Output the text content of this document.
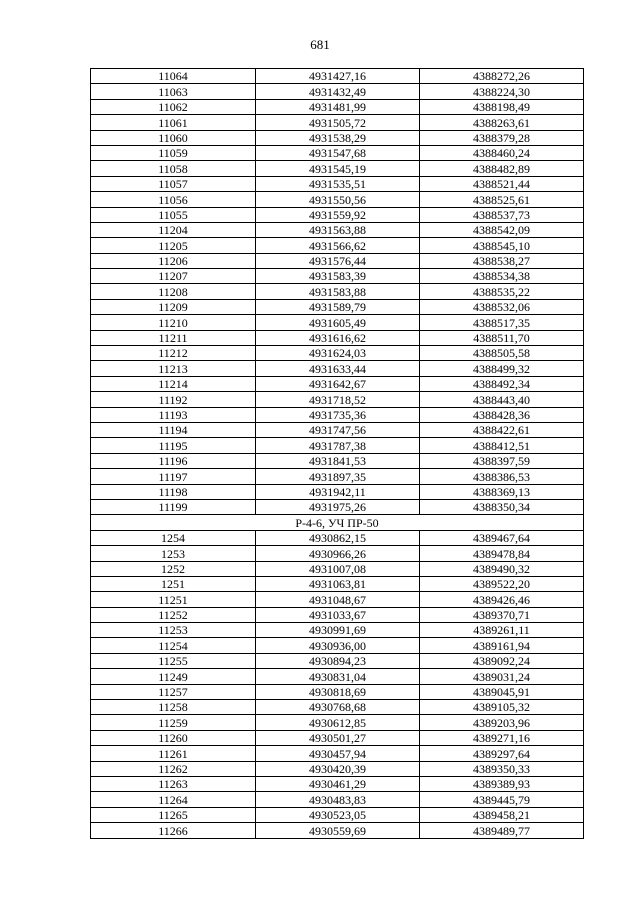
681
11064	4931427,16	4388272,26
11063	4931432,49	4388224,30
11062	4931481,99	4388198,49
11061	4931505,72	4388263,61
11060	4931538,29	4388379,28
11059	4931547,68	4388460,24
11058	4931545,19	4388482,89
11057	4931535,51	4388521,44
11056	4931550,56	4388525,61
11055	4931559,92	4388537,73
11204	4931563,88	4388542,09
11205	4931566,62	4388545,10
11206	4931576,44	4388538,27
11207	4931583,39	4388534,38
11208	4931583,88	4388535,22
11209	4931589,79	4388532,06
11210	4931605,49	4388517,35
11211	4931616,62	4388511,70
11212	4931624,03	4388505,58
11213	4931633,44	4388499,32
11214	4931642,67	4388492,34
11192	4931718,52	4388443,40
11193	4931735,36	4388428,36
11194	4931747,56	4388422,61
11195	4931787,38	4388412,51
11196	4931841,53	4388397,59
11197	4931897,35	4388386,53
11198	4931942,11	4388369,13
11199	4931975,26	4388350,34
Р-4-6, УЧ ПР-50		
1254	4930862,15	4389467,64
1253	4930966,26	4389478,84
1252	4931007,08	4389490,32
1251	4931063,81	4389522,20
11251	4931048,67	4389426,46
11252	4931033,67	4389370,71
11253	4930991,69	4389261,11
11254	4930936,00	4389161,94
11255	4930894,23	4389092,24
11249	4930831,04	4389031,24
11257	4930818,69	4389045,91
11258	4930768,68	4389105,32
11259	4930612,85	4389203,96
11260	4930501,27	4389271,16
11261	4930457,94	4389297,64
11262	4930420,39	4389350,33
11263	4930461,29	4389389,93
11264	4930483,83	4389445,79
11265	4930523,05	4389458,21
11266	4930559,69	4389489,77
